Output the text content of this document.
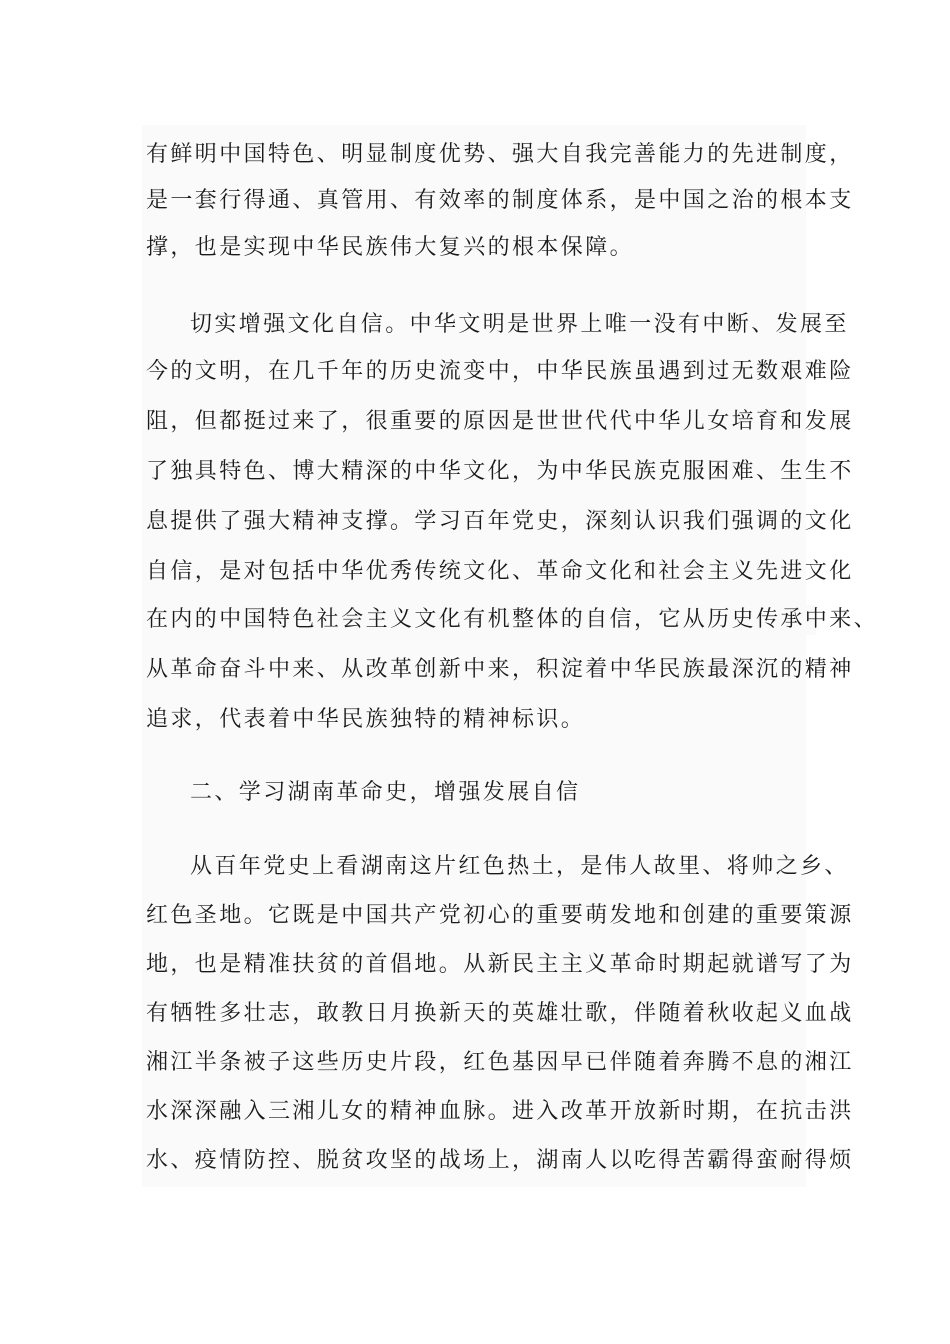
有鲜明中国特色、明显制度优势、强大自我完善能力的先进制度，
是一套行得通、真管用、有效率的制度体系，是中国之治的根本支
撑，也是实现中华民族伟大复兴的根本保障。
切实增强文化自信。中华文明是世界上唯一没有中断、发展至
今的文明，在几千年的历史流变中，中华民族虽遇到过无数艰难险
阻，但都挺过来了，很重要的原因是世世代代中华儿女培育和发展
了独具特色、博大精深的中华文化，为中华民族克服困难、生生不
息提供了强大精神支撑。学习百年党史，深刻认识我们强调的文化
自信，是对包括中华优秀传统文化、革命文化和社会主义先进文化
在内的中国特色社会主义文化有机整体的自信，它从历史传承中来、
从革命奋斗中来、从改革创新中来，积淀着中华民族最深沉的精神
追求，代表着中华民族独特的精神标识。
二、学习湖南革命史，增强发展自信
从百年党史上看湖南这片红色热土，是伟人故里、将帅之乡、
红色圣地。它既是中国共产党初心的重要萌发地和创建的重要策源
地，也是精准扶贫的首倡地。从新民主主义革命时期起就谱写了为
有牺牲多壮志，敢教日月换新天的英雄壮歌，伴随着秋收起义血战
湘江半条被子这些历史片段，红色基因早已伴随着奔腾不息的湘江
水深深融入三湘儿女的精神血脉。进入改革开放新时期，在抗击洪
水、疫情防控、脱贫攻坚的战场上，湖南人以吃得苦霸得蛮耐得烦
